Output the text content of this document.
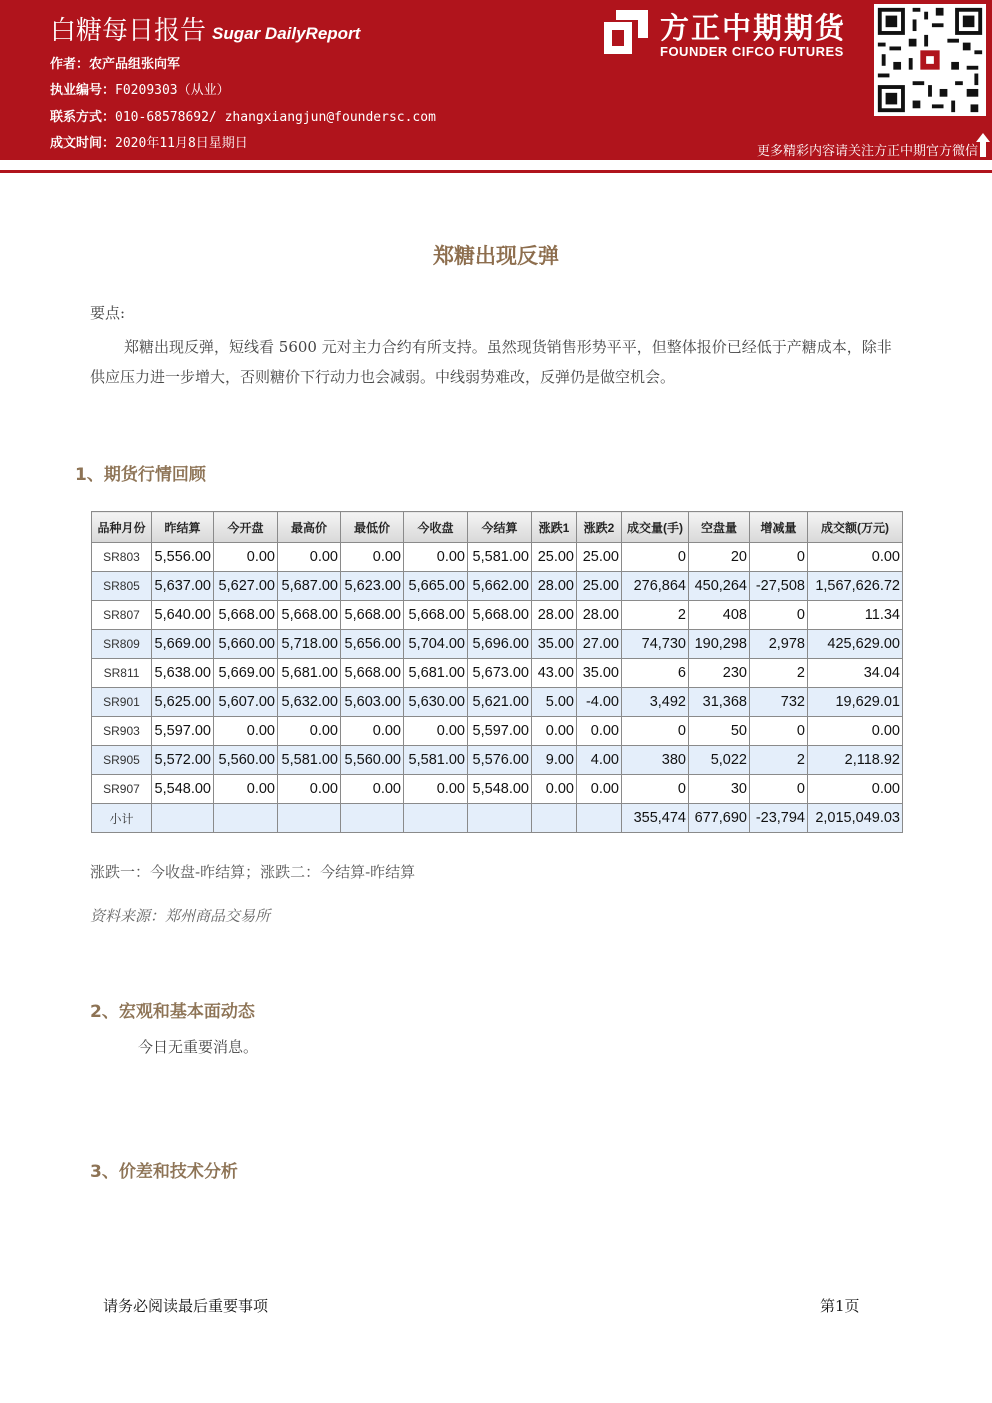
白糖每日报告 Sugar DailyReport
作者：农产品组张向军
执业编号：F0209303（从业）
联系方式：010-68578692/ zhangxiangjun@foundersc.com
成文时间：2020年11月8日星期日
方正中期期货
FOUNDER CIFCO FUTURES
更多精彩内容请关注方正中期官方微信
郑糖出现反弹
要点:
郑糖出现反弹，短线看 5600 元对主力合约有所支持。虽然现货销售形势平平，但整体报价已经低于产糖成本，除非供应压力进一步增大，否则糖价下行动力也会减弱。中线弱势难改，反弹仍是做空机会。
1、期货行情回顾
品种月份	昨结算	今开盘	最高价	最低价	今收盘	今结算	涨跌1	涨跌2	成交量(手)	空盘量	增减量	成交额(万元)
SR803	5,556.00	0.00	0.00	0.00	0.00	5,581.00	25.00	25.00	0	20	0	0.00
SR805	5,637.00	5,627.00	5,687.00	5,623.00	5,665.00	5,662.00	28.00	25.00	276,864	450,264	-27,508	1,567,626.72
SR807	5,640.00	5,668.00	5,668.00	5,668.00	5,668.00	5,668.00	28.00	28.00	2	408	0	11.34
SR809	5,669.00	5,660.00	5,718.00	5,656.00	5,704.00	5,696.00	35.00	27.00	74,730	190,298	2,978	425,629.00
SR811	5,638.00	5,669.00	5,681.00	5,668.00	5,681.00	5,673.00	43.00	35.00	6	230	2	34.04
SR901	5,625.00	5,607.00	5,632.00	5,603.00	5,630.00	5,621.00	5.00	-4.00	3,492	31,368	732	19,629.01
SR903	5,597.00	0.00	0.00	0.00	0.00	5,597.00	0.00	0.00	0	50	0	0.00
SR905	5,572.00	5,560.00	5,581.00	5,560.00	5,581.00	5,576.00	9.00	4.00	380	5,022	2	2,118.92
SR907	5,548.00	0.00	0.00	0.00	0.00	5,548.00	0.00	0.00	0	30	0	0.00
小计									355,474	677,690	-23,794	2,015,049.03
涨跌一：今收盘-昨结算；涨跌二：今结算-昨结算
资料来源：郑州商品交易所
2、宏观和基本面动态
今日无重要消息。
3、价差和技术分析
请务必阅读最后重要事项	第1页
